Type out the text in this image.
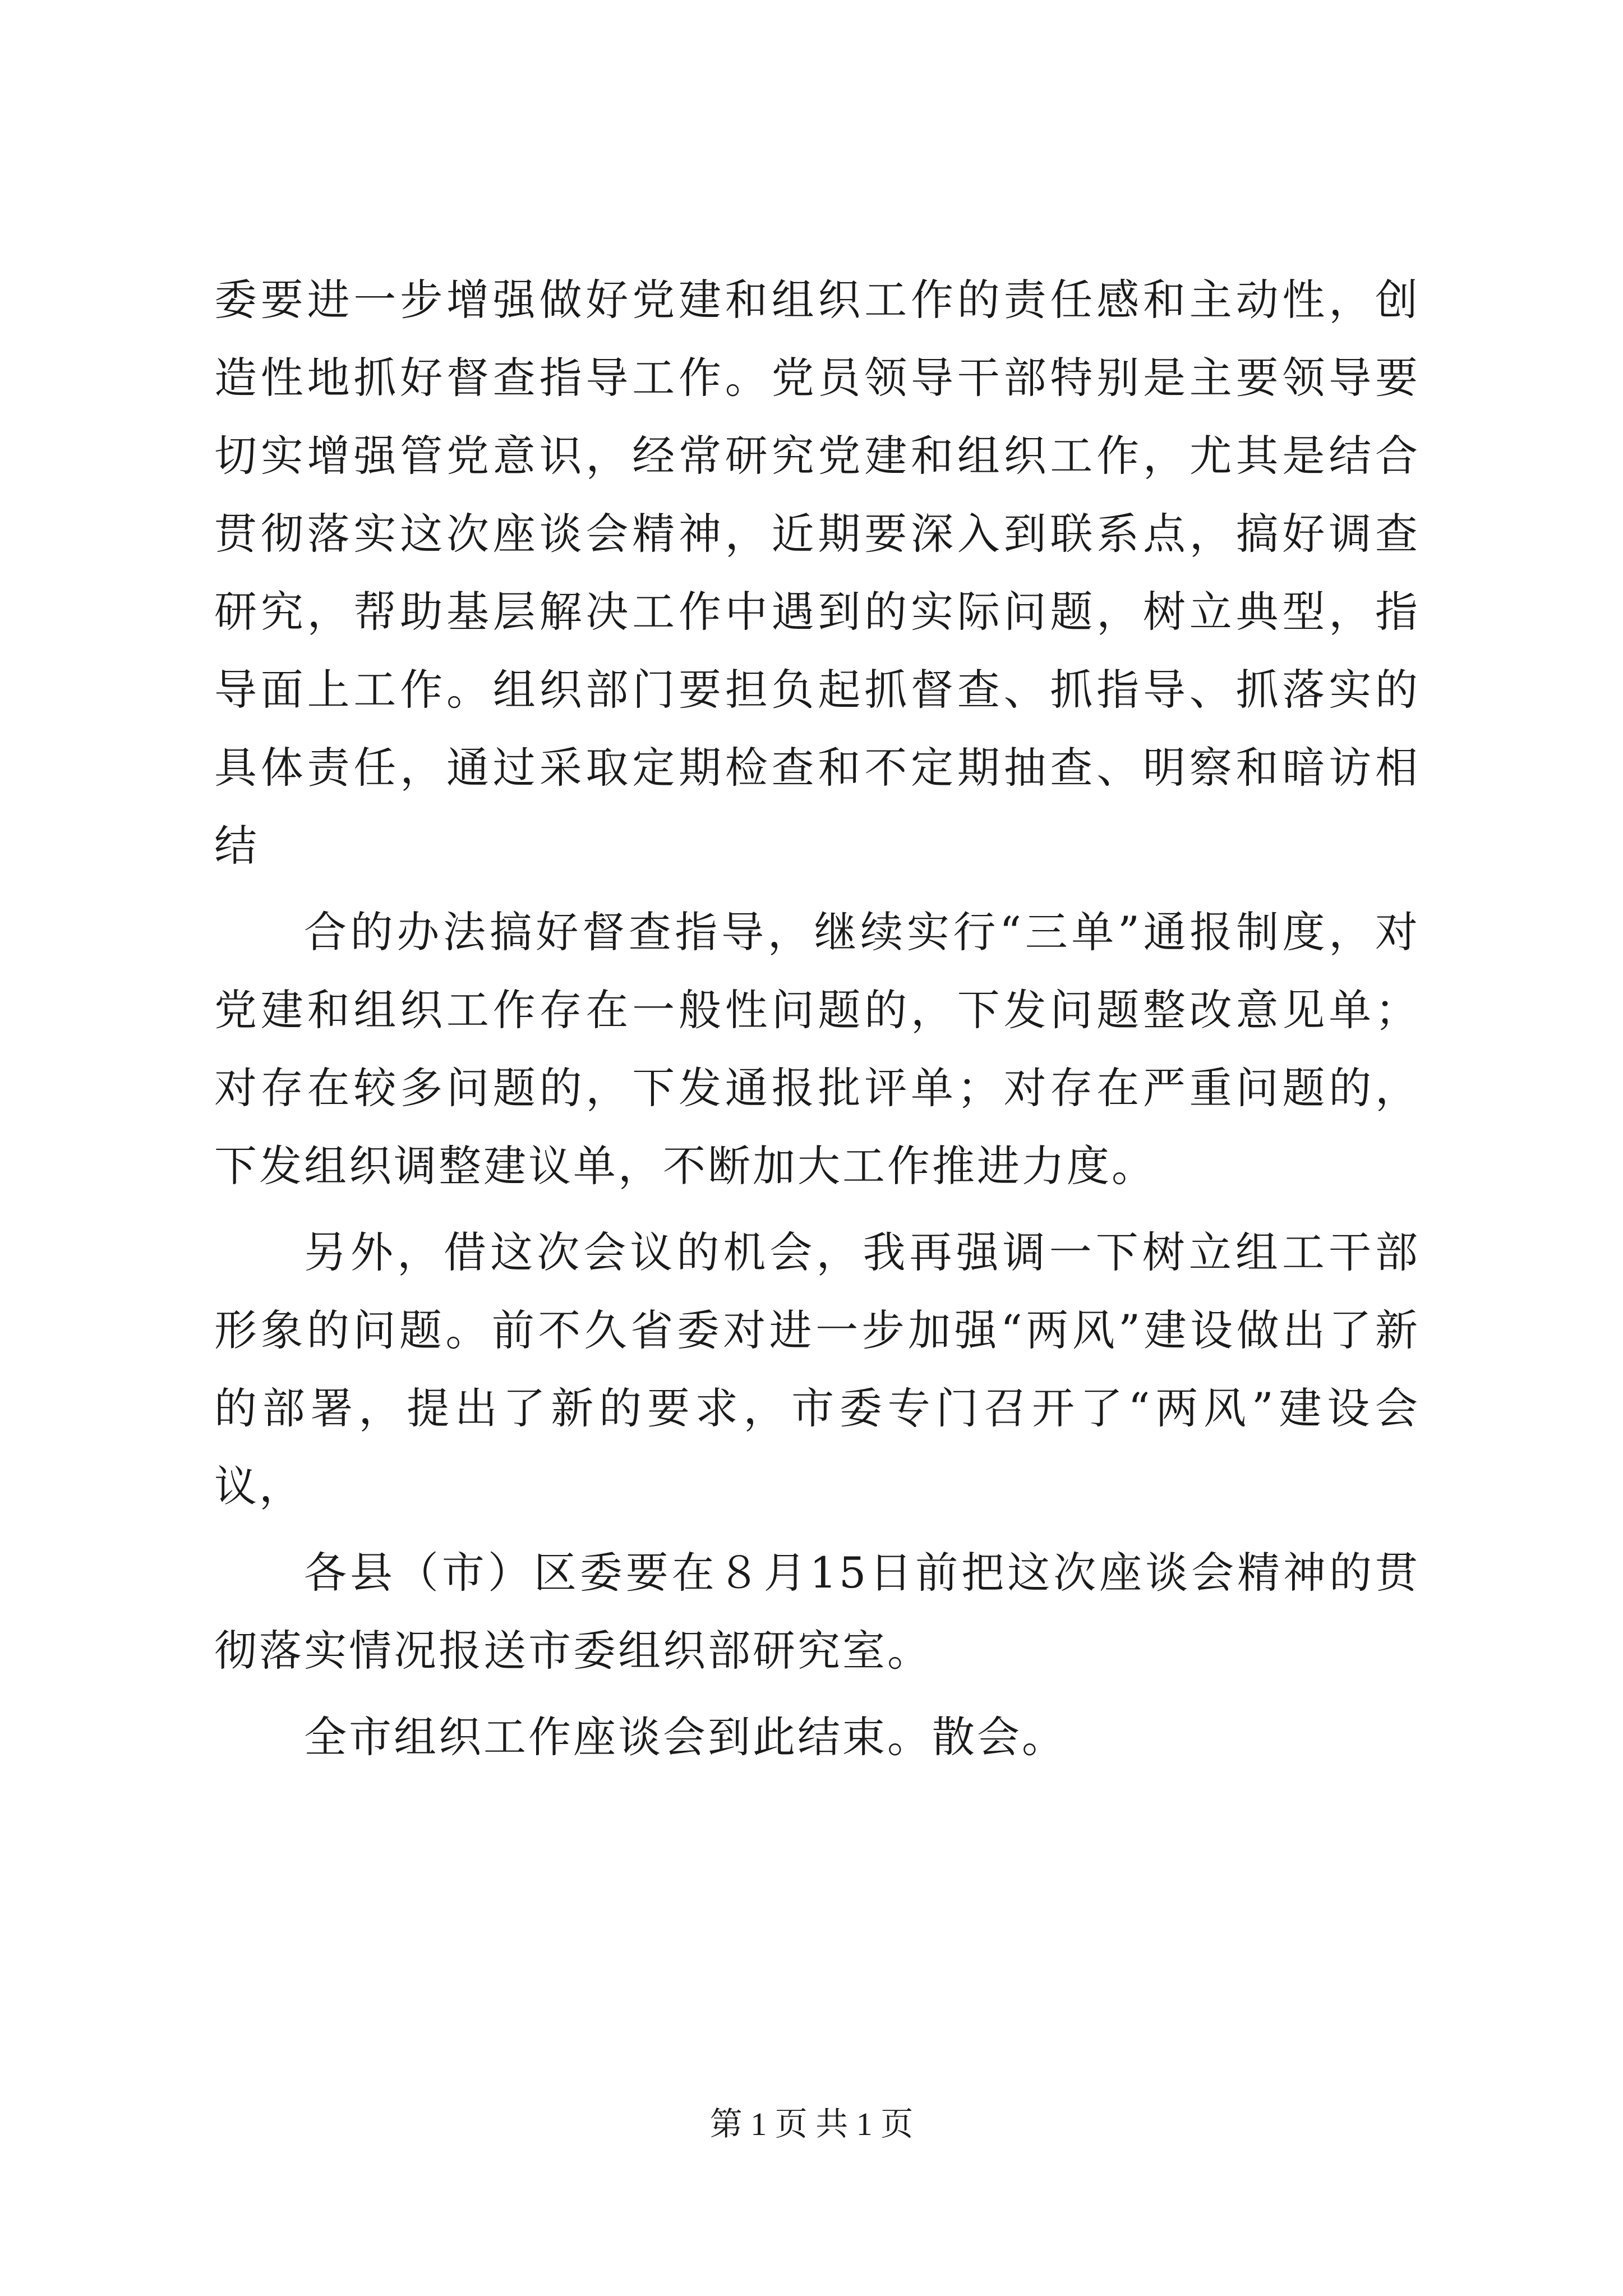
委要进一步增强做好党建和组织工作的责任感和主动性，创造性地抓好督查指导工作。党员领导干部特别是主要领导要切实增强管党意识，经常研究党建和组织工作，尤其是结合贯彻落实这次座谈会精神，近期要深入到联系点，搞好调查研究，帮助基层解决工作中遇到的实际问题，树立典型，指导面上工作。组织部门要担负起抓督查、抓指导、抓落实的具体责任，通过采取定期检查和不定期抽查、明察和暗访相结

合的办法搞好督查指导，继续实行“三单”通报制度，对党建和组织工作存在一般性问题的，下发问题整改意见单；对存在较多问题的，下发通报批评单；对存在严重问题的，下发组织调整建议单，不断加大工作推进力度。

另外，借这次会议的机会，我再强调一下树立组工干部形象的问题。前不久省委对进一步加强“两风”建设做出了新的部署，提出了新的要求，市委专门召开了“两风”建设会议，

各县（市）区委要在８月15日前把这次座谈会精神的贯彻落实情况报送市委组织部研究室。

全市组织工作座谈会到此结束。散会。

第 1 页 共 1 页
